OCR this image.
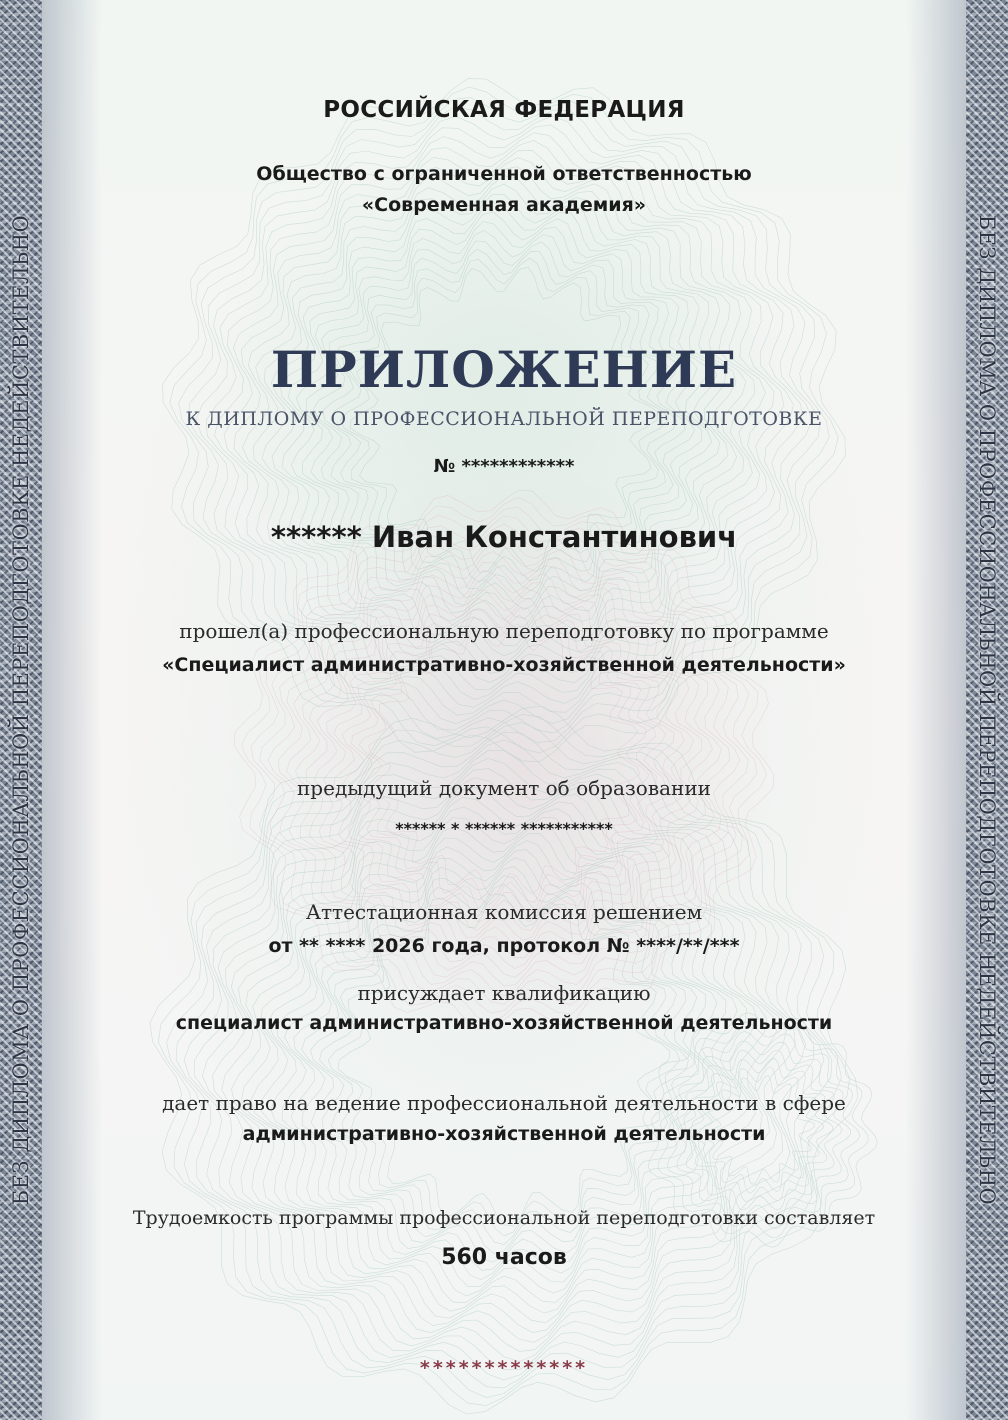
БЕЗ ДИПЛОМА О ПРОФЕССИОНАЛЬНОЙ ПЕРЕПОДГОТОВКЕ НЕДЕЙСТВИТЕЛЬНО	БЕЗ ДИПЛОМА О ПРОФЕССИОНАЛЬНОЙ ПЕРЕПОДГОТОВКЕ НЕДЕЙСТВИТЕЛЬНО
РОССИЙСКАЯ ФЕДЕРАЦИЯ
Общество с ограниченной ответственностью
«Современная академия»
ПРИЛОЖЕНИЕ
К ДИПЛОМУ О ПРОФЕССИОНАЛЬНОЙ ПЕРЕПОДГОТОВКЕ
№ ************
****** Иван Константинович
прошел(а) профессиональную переподготовку по программе
«Специалист административно-хозяйственной деятельности»
предыдущий документ об образовании
****** * ****** ***********
Аттестационная комиссия решением
от ** **** 2026 года, протокол № ****/**/***
присуждает квалификацию
специалист административно-хозяйственной деятельности
дает право на ведение профессиональной деятельности в сфере
административно-хозяйственной деятельности
Трудоемкость программы профессиональной переподготовки составляет
560 часов
*************
